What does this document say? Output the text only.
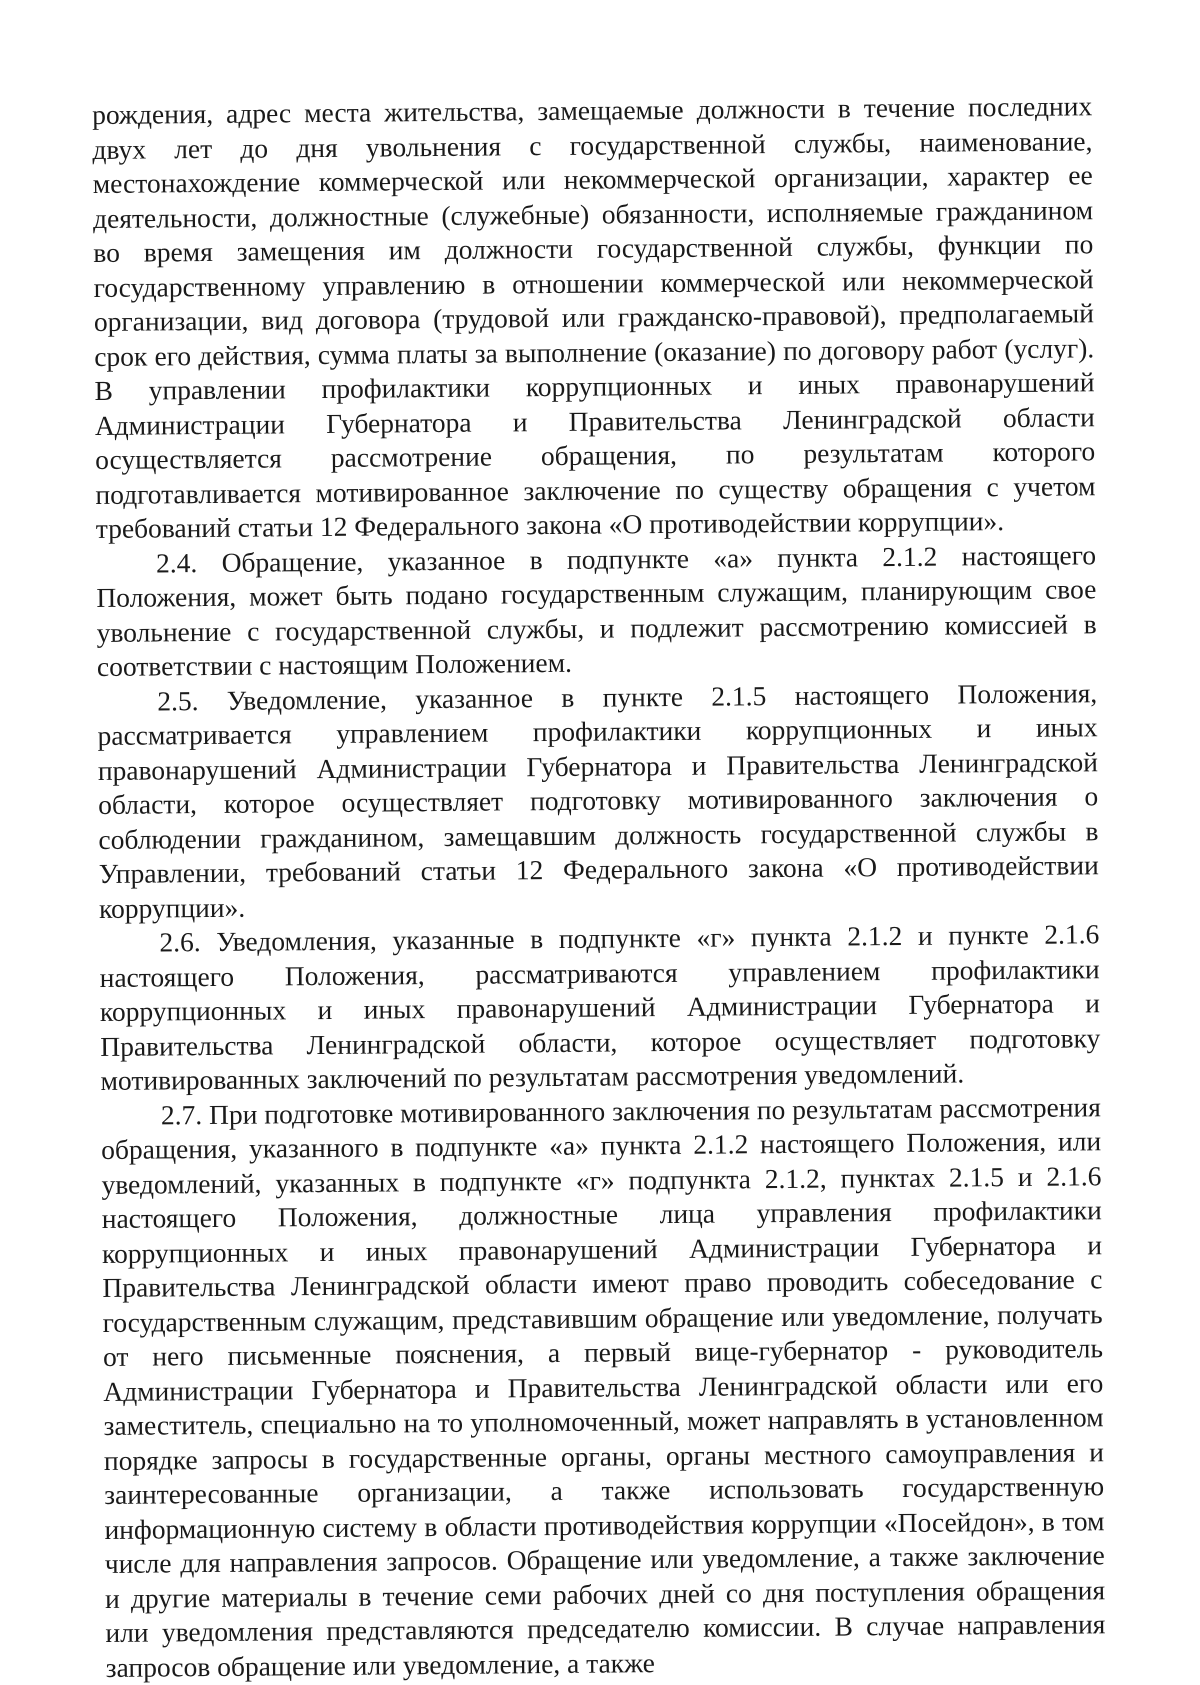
рождения, адрес места жительства, замещаемые должности в течение последних двух лет до дня увольнения с государственной службы, наименование, местонахождение коммерческой или некоммерческой организации, характер ее деятельности, должностные (служебные) обязанности, исполняемые гражданином во время замещения им должности государственной службы, функции по государственному управлению в отношении коммерческой или некоммерческой организации, вид договора (трудовой или гражданско-правовой), предполагаемый срок его действия, сумма платы за выполнение (оказание) по договору работ (услуг). В управлении профилактики коррупционных и иных правонарушений Администрации Губернатора и Правительства Ленинградской области осуществляется рассмотрение обращения, по результатам которого подготавливается мотивированное заключение по существу обращения с учетом требований статьи 12 Федерального закона «О противодействии коррупции».

2.4. Обращение, указанное в подпункте «а» пункта 2.1.2 настоящего Положения, может быть подано государственным служащим, планирующим свое увольнение с государственной службы, и подлежит рассмотрению комиссией в соответствии с настоящим Положением.

2.5. Уведомление, указанное в пункте 2.1.5 настоящего Положения, рассматривается управлением профилактики коррупционных и иных правонарушений Администрации Губернатора и Правительства Ленинградской области, которое осуществляет подготовку мотивированного заключения о соблюдении гражданином, замещавшим должность государственной службы в Управлении, требований статьи 12 Федерального закона «О противодействии коррупции».

2.6. Уведомления, указанные в подпункте «г» пункта 2.1.2 и пункте 2.1.6 настоящего Положения, рассматриваются управлением профилактики коррупционных и иных правонарушений Администрации Губернатора и Правительства Ленинградской области, которое осуществляет подготовку мотивированных заключений по результатам рассмотрения уведомлений.

2.7. При подготовке мотивированного заключения по результатам рассмотрения обращения, указанного в подпункте «а» пункта 2.1.2 настоящего Положения, или уведомлений, указанных в подпункте «г» подпункта 2.1.2, пунктах 2.1.5 и 2.1.6 настоящего Положения, должностные лица управления профилактики коррупционных и иных правонарушений Администрации Губернатора и Правительства Ленинградской области имеют право проводить собеседование с государственным служащим, представившим обращение или уведомление, получать от него письменные пояснения, а первый вице-губернатор - руководитель Администрации Губернатора и Правительства Ленинградской области или его заместитель, специально на то уполномоченный, может направлять в установленном порядке запросы в государственные органы, органы местного самоуправления и заинтересованные организации, а также использовать государственную информационную систему в области противодействия коррупции «Посейдон», в том числе для направления запросов. Обращение или уведомление, а также заключение и другие материалы в течение семи рабочих дней со дня поступления обращения или уведомления представляются председателю комиссии. В случае направления запросов обращение или уведомление, а также
